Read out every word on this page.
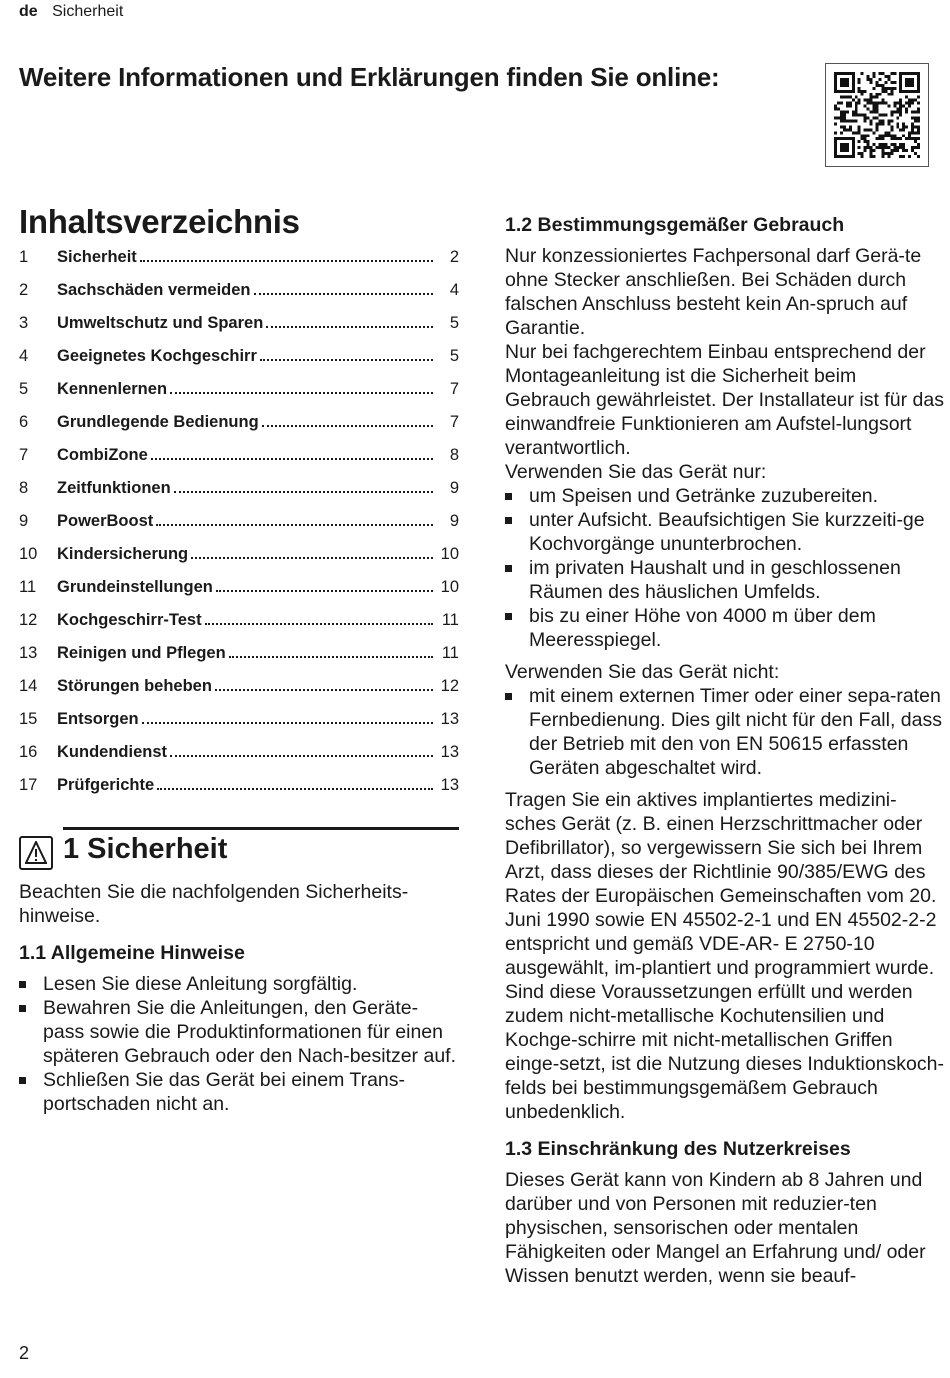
de Sicherheit
Weitere Informationen und Erklärungen finden Sie online:
Inhaltsverzeichnis
1	Sicherheit	2
2	Sachschäden vermeiden	4
3	Umweltschutz und Sparen	5
4	Geeignetes Kochgeschirr	5
5	Kennenlernen	7
6	Grundlegende Bedienung	7
7	CombiZone	8
8	Zeitfunktionen	9
9	PowerBoost	9
10	Kindersicherung	10
11	Grundeinstellungen	10
12	Kochgeschirr-Test	11
13	Reinigen und Pflegen	11
14	Störungen beheben	12
15	Entsorgen	13
16	Kundendienst	13
17	Prüfgerichte	13
1 Sicherheit

Beachten Sie die nachfolgenden Sicherheits-hinweise.

1.1 Allgemeine Hinweise
Lesen Sie diese Anleitung sorgfältig.
Bewahren Sie die Anleitungen, den Geräte-pass sowie die Produktinformationen für einen späteren Gebrauch oder den Nach-besitzer auf.
Schließen Sie das Gerät bei einem Trans-portschaden nicht an.
1.2 Bestimmungsgemäßer Gebrauch

Nur konzessioniertes Fachpersonal darf Gerä-te ohne Stecker anschließen. Bei Schäden durch falschen Anschluss besteht kein An-spruch auf Garantie.

Nur bei fachgerechtem Einbau entsprechend der Montageanleitung ist die Sicherheit beim Gebrauch gewährleistet. Der Installateur ist für das einwandfreie Funktionieren am Aufstel-lungsort verantwortlich.

Verwenden Sie das Gerät nur:

um Speisen und Getränke zuzubereiten.
unter Aufsicht. Beaufsichtigen Sie kurzzeiti-ge Kochvorgänge ununterbrochen.
im privaten Haushalt und in geschlossenen Räumen des häuslichen Umfelds.
bis zu einer Höhe von 4000 m über dem Meeresspiegel.

Verwenden Sie das Gerät nicht:

mit einem externen Timer oder einer sepa-raten Fernbedienung. Dies gilt nicht für den Fall, dass der Betrieb mit den von EN 50615 erfassten Geräten abgeschaltet wird.

Tragen Sie ein aktives implantiertes medizini-sches Gerät (z. B. einen Herzschrittmacher oder Defibrillator), so vergewissern Sie sich bei Ihrem Arzt, dass dieses der Richtlinie 90/385/EWG des Rates der Europäischen Gemeinschaften vom 20. Juni 1990 sowie EN 45502-2-1 und EN 45502-2-2 entspricht und gemäß VDE-AR- E 2750-10 ausgewählt, im-plantiert und programmiert wurde. Sind diese Voraussetzungen erfüllt und werden zudem nicht-metallische Kochutensilien und Kochge-schirre mit nicht-metallischen Griffen einge-setzt, ist die Nutzung dieses Induktionskoch-felds bei bestimmungsgemäßem Gebrauch unbedenklich.

1.3 Einschränkung des Nutzerkreises

Dieses Gerät kann von Kindern ab 8 Jahren und darüber und von Personen mit reduzier-ten physischen, sensorischen oder mentalen Fähigkeiten oder Mangel an Erfahrung und/ oder Wissen benutzt werden, wenn sie beauf-

2
